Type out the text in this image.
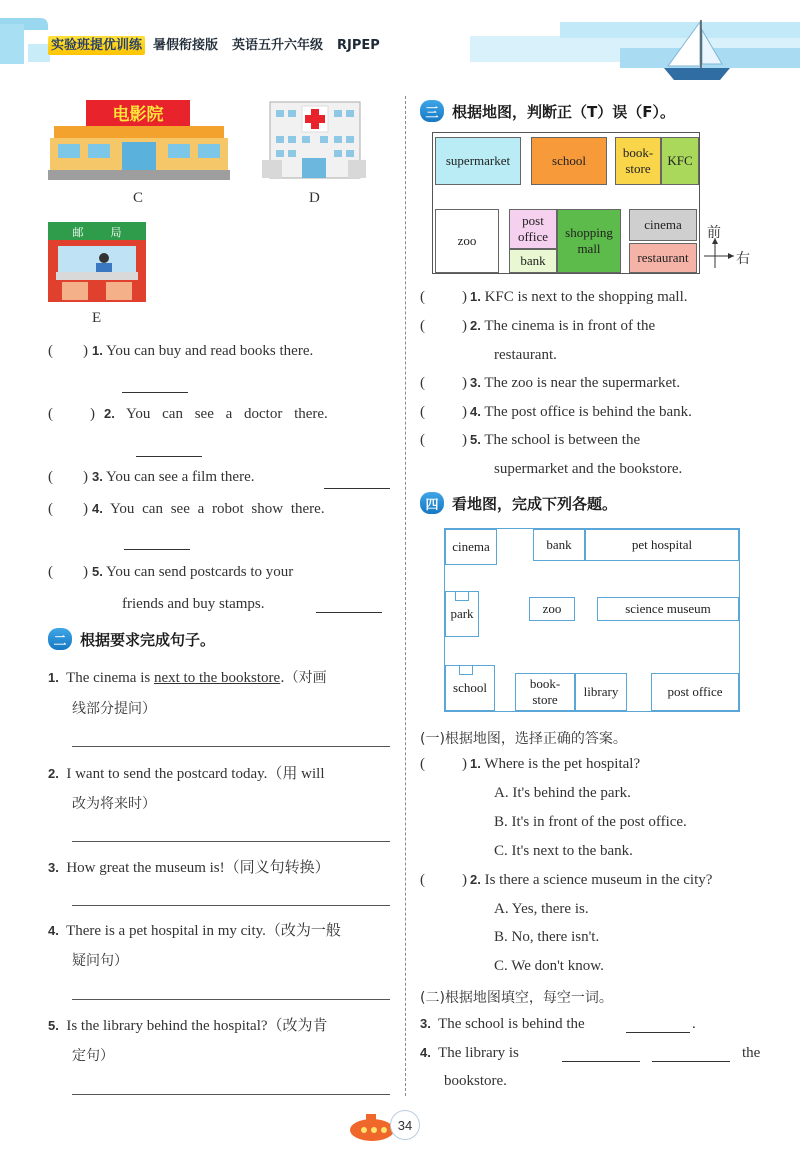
实验班提优训练 暑假衔接版 英语五升六年级 RJPEP
电影院
C	D
邮 局
E
( ) 1. You can buy and read books there.
( ) 2. You can see a doctor there.
( ) 3. You can see a film there.
( ) 4. You can see a robot show there.
( ) 5. You can send postcards to your
friends and buy stamps.
二 根据要求完成句子。
1. The cinema is next to the bookstore.（对画
线部分提问）
2. I want to send the postcard today.（用 will
改为将来时）
3. How great the museum is!（同义句转换）
4. There is a pet hospital in my city.（改为一般
疑问句）
5. Is the library behind the hospital?（改为肯
定句）
三 根据地图，判断正（T）误（F）。
supermarket	school
book-
store
KFC
zoo
post
office
bank
shopping
mall
cinema
restaurant
前
右
( ) 1. KFC is next to the shopping mall.
( ) 2. The cinema is in front of the
restaurant.
( ) 3. The zoo is near the supermarket.
( ) 4. The post office is behind the bank.
( ) 5. The school is between the
supermarket and the bookstore.
四 看地图，完成下列各题。
cinema	bank	pet hospital
park	zoo	science museum
school	book-
store
library	post office
(一)根据地图，选择正确的答案。
( ) 1. Where is the pet hospital?
A. It's behind the park.
B. It's in front of the post office.
C. It's next to the bank.
( ) 2. Is there a science museum in the city?
A. Yes, there is.
B. No, there isn't.
C. We don't know.
(二)根据地图填空，每空一词。
3. The school is behind the	.
4. The library is	the
bookstore.
34
